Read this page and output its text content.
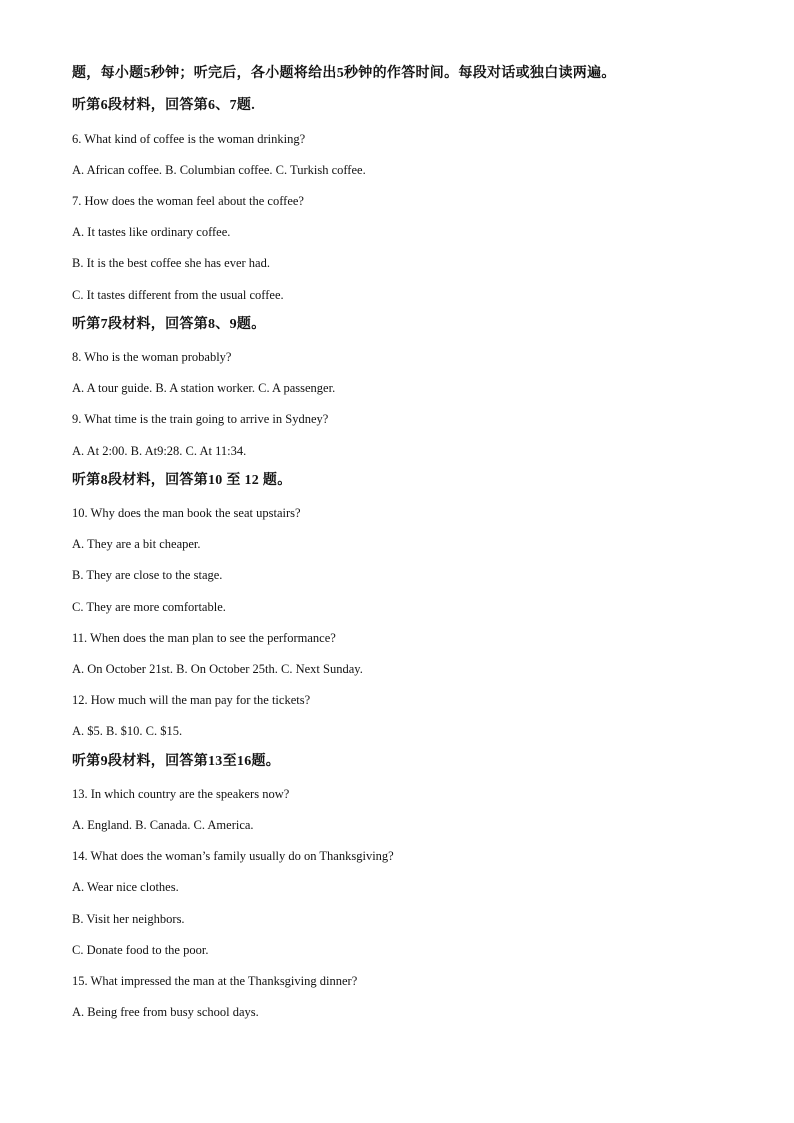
题，每小题5秒钟；听完后，各小题将给出5秒钟的作答时间。每段对话或独白读两遍。
听第6段材料，回答第6、7题.
6. What kind of coffee is the woman drinking?
A. African coffee. B. Columbian coffee. C. Turkish coffee.
7. How does the woman feel about the coffee?
A. It tastes like ordinary coffee.
B. It is the best coffee she has ever had.
C. It tastes different from the usual coffee.
听第7段材料，回答第8、9题。
8. Who is the woman probably?
A. A tour guide. B. A station worker. C. A passenger.
9. What time is the train going to arrive in Sydney?
A. At 2:00. B. At9:28. C. At 11:34.
听第8段材料，回答第10 至 12 题。
10. Why does the man book the seat upstairs?
A. They are a bit cheaper.
B. They are close to the stage.
C. They are more comfortable.
11. When does the man plan to see the performance?
A. On October 21st. B. On October 25th. C. Next Sunday.
12. How much will the man pay for the tickets?
A. $5. B. $10. C. $15.
听第9段材料，回答第13至16题。
13. In which country are the speakers now?
A. England. B. Canada. C. America.
14. What does the woman’s family usually do on Thanksgiving?
A. Wear nice clothes.
B. Visit her neighbors.
C. Donate food to the poor.
15. What impressed the man at the Thanksgiving dinner?
A. Being free from busy school days.
